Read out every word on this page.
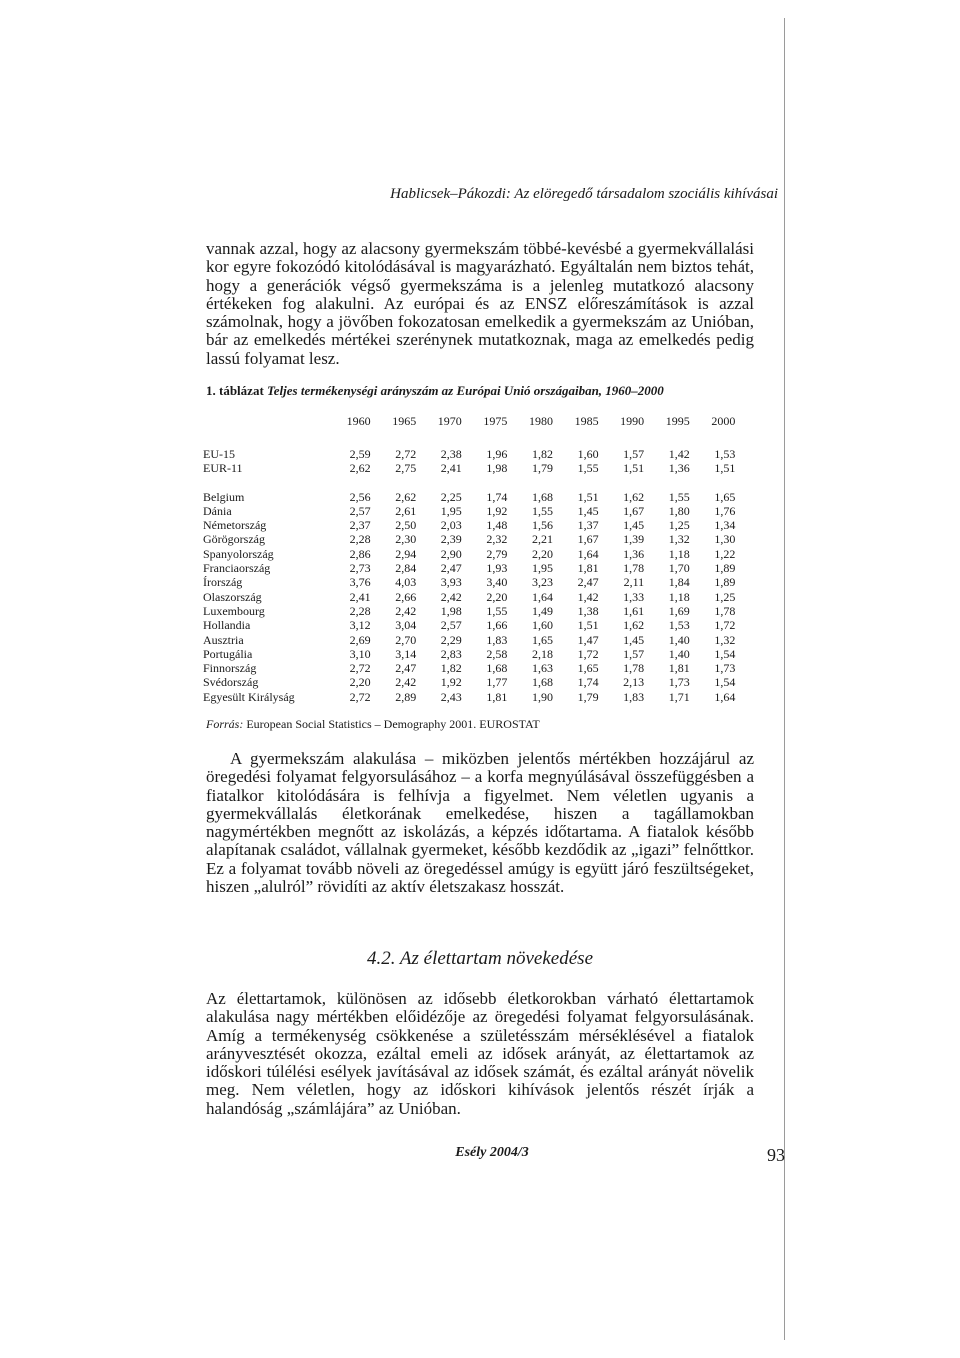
Hablicsek–Pákozdi: Az elöregedő társadalom szociális kihívásai

vannak azzal, hogy az alacsony gyermekszám többé-kevésbé a gyermekvállalási kor egyre fokozódó kitolódásával is magyarázható. Egyáltalán nem biztos tehát, hogy a generációk végső gyermekszáma is a jelenleg mutatkozó alacsony értékeken fog alakulni. Az európai és az ENSZ előreszámítások is azzal számolnak, hogy a jövőben fokozatosan emelkedik a gyermekszám az Unióban, bár az emelkedés mértékei szerénynek mutatkoznak, maga az emelkedés pedig lassú folyamat lesz.

1. táblázat Teljes termékenységi arányszám az Európai Unió országaiban, 1960–2000
	1960	1965	1970	1975	1980	1985	1990	1995	2000

EU-15	2,59	2,72	2,38	1,96	1,82	1,60	1,57	1,42	1,53
EUR-11	2,62	2,75	2,41	1,98	1,79	1,55	1,51	1,36	1,51

Belgium	2,56	2,62	2,25	1,74	1,68	1,51	1,62	1,55	1,65
Dánia	2,57	2,61	1,95	1,92	1,55	1,45	1,67	1,80	1,76
Németország	2,37	2,50	2,03	1,48	1,56	1,37	1,45	1,25	1,34
Görögország	2,28	2,30	2,39	2,32	2,21	1,67	1,39	1,32	1,30
Spanyolország	2,86	2,94	2,90	2,79	2,20	1,64	1,36	1,18	1,22
Franciaország	2,73	2,84	2,47	1,93	1,95	1,81	1,78	1,70	1,89
Írország	3,76	4,03	3,93	3,40	3,23	2,47	2,11	1,84	1,89
Olaszország	2,41	2,66	2,42	2,20	1,64	1,42	1,33	1,18	1,25
Luxembourg	2,28	2,42	1,98	1,55	1,49	1,38	1,61	1,69	1,78
Hollandia	3,12	3,04	2,57	1,66	1,60	1,51	1,62	1,53	1,72
Ausztria	2,69	2,70	2,29	1,83	1,65	1,47	1,45	1,40	1,32
Portugália	3,10	3,14	2,83	2,58	2,18	1,72	1,57	1,40	1,54
Finnország	2,72	2,47	1,82	1,68	1,63	1,65	1,78	1,81	1,73
Svédország	2,20	2,42	1,92	1,77	1,68	1,74	2,13	1,73	1,54
Egyesült Királyság	2,72	2,89	2,43	1,81	1,90	1,79	1,83	1,71	1,64
Forrás: European Social Statistics – Demography 2001. EUROSTAT

A gyermekszám alakulása – miközben jelentős mértékben hozzájárul az öregedési folyamat felgyorsulásához – a korfa megnyúlásával összefüggésben a fiatalkor kitolódására is felhívja a figyelmet. Nem véletlen ugyanis a gyermekvállalás életkorának emelkedése, hiszen a tagállamokban nagymértékben megnőtt az iskolázás, a képzés időtartama. A fiatalok később alapítanak családot, vállalnak gyermeket, később kezdődik az „igazi” felnőttkor. Ez a folyamat tovább növeli az öregedéssel amúgy is együtt járó feszültségeket, hiszen „alulról” rövidíti az aktív életszakasz hosszát.

4.2. Az élettartam növekedése

Az élettartamok, különösen az idősebb életkorokban várható élettartamok alakulása nagy mértékben előidézője az öregedési folyamat felgyorsulásának. Amíg a termékenység csökkenése a születésszám mérséklésével a fiatalok arányvesztését okozza, ezáltal emeli az idősek arányát, az élettartamok az időskori túlélési esélyek javításával az idősek számát, és ezáltal arányát növelik meg. Nem véletlen, hogy az időskori kihívások jelentős részét írják a halandóság „számlájára” az Unióban.

Esély 2004/3	93
